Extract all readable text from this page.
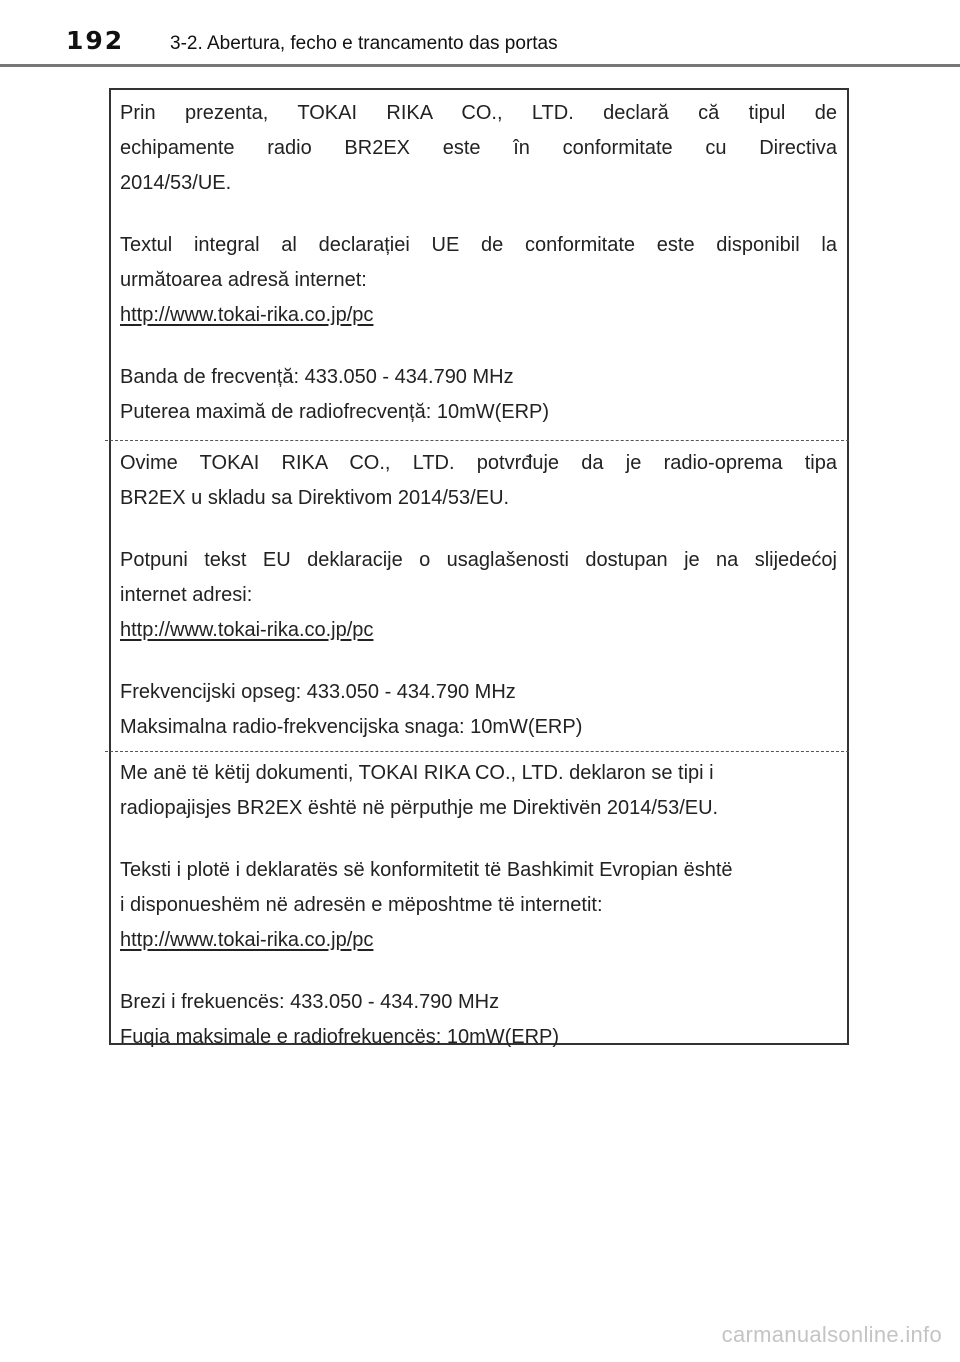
192 3-2. Abertura, fecho e trancamento das portas

Prin prezenta, TOKAI RIKA CO., LTD. declară că tipul de

echipamente radio BR2EX este în conformitate cu Directiva

2014/53/UE.

Textul integral al declarației UE de conformitate este disponibil la

următoarea adresă internet:

http://www.tokai-rika.co.jp/pc

Banda de frecvență: 433.050 - 434.790 MHz

Puterea maximă de radiofrecvență: 10mW(ERP)

Ovime TOKAI RIKA CO., LTD. potvrđuje da je radio-oprema tipa

BR2EX u skladu sa Direktivom 2014/53/EU.

Potpuni tekst EU deklaracije o usaglašenosti dostupan je na slijedećoj

internet adresi:

http://www.tokai-rika.co.jp/pc

Frekvencijski opseg: 433.050 - 434.790 MHz

Maksimalna radio-frekvencijska snaga: 10mW(ERP)

Me anë të këtij dokumenti, TOKAI RIKA CO., LTD. deklaron se tipi i

radiopajisjes BR2EX është në përputhje me Direktivën 2014/53/EU.

Teksti i plotë i deklaratës së konformitetit të Bashkimit Evropian është

i disponueshëm në adresën e mëposhtme të internetit:

http://www.tokai-rika.co.jp/pc

Brezi i frekuencës: 433.050 - 434.790 MHz

Fuqia maksimale e radiofrekuencës: 10mW(ERP)

carmanualsonline.info
